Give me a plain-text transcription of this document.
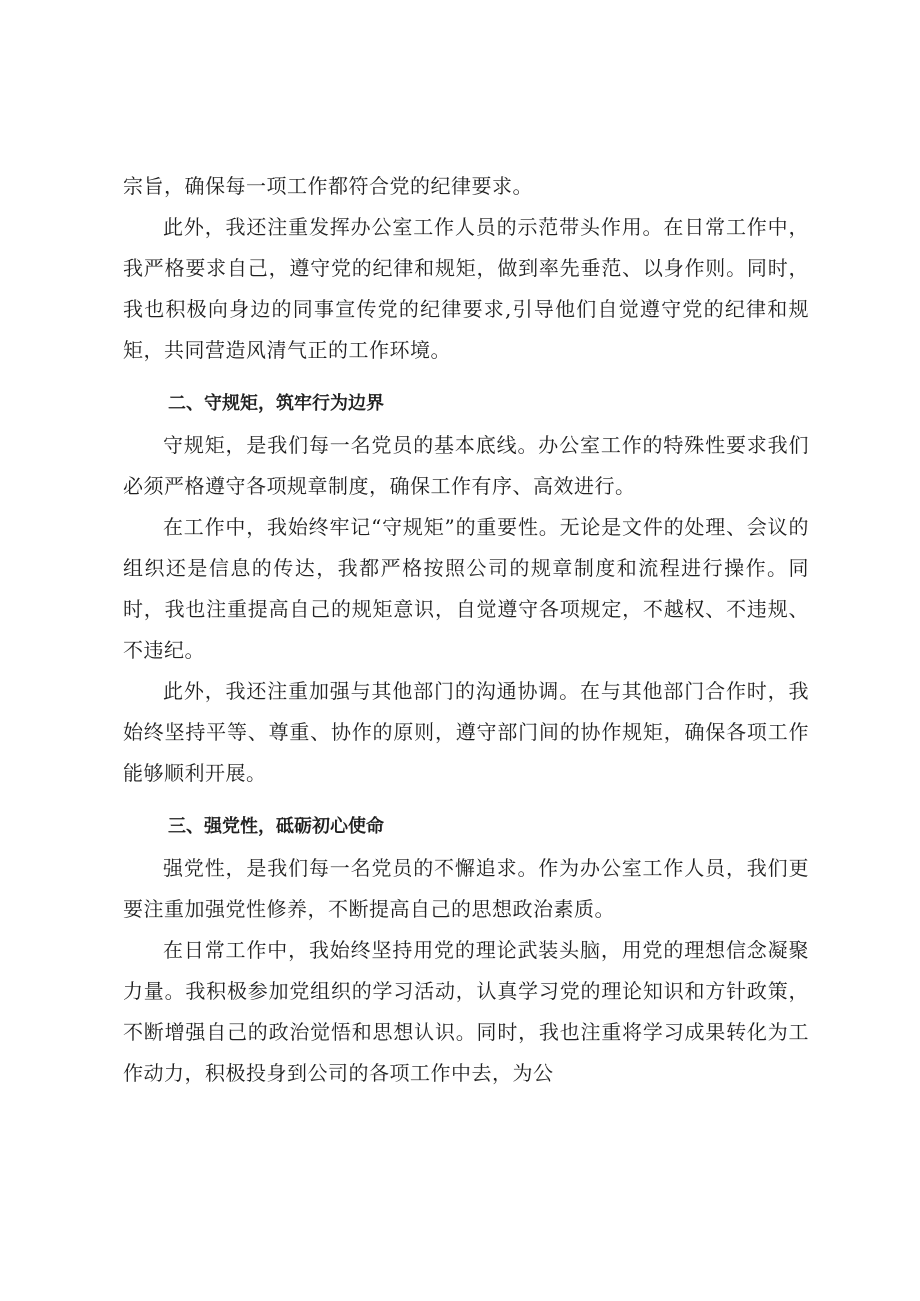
宗旨，确保每一项工作都符合党的纪律要求。

此外，我还注重发挥办公室工作人员的示范带头作用。在日常工作中，我严格要求自己，遵守党的纪律和规矩，做到率先垂范、以身作则。同时，我也积极向身边的同事宣传党的纪律要求,引导他们自觉遵守党的纪律和规矩，共同营造风清气正的工作环境。

二、守规矩，筑牢行为边界

守规矩，是我们每一名党员的基本底线。办公室工作的特殊性要求我们必须严格遵守各项规章制度，确保工作有序、高效进行。

在工作中，我始终牢记“守规矩”的重要性。无论是文件的处理、会议的组织还是信息的传达，我都严格按照公司的规章制度和流程进行操作。同时，我也注重提高自己的规矩意识，自觉遵守各项规定，不越权、不违规、不违纪。

此外，我还注重加强与其他部门的沟通协调。在与其他部门合作时，我始终坚持平等、尊重、协作的原则，遵守部门间的协作规矩，确保各项工作能够顺利开展。

三、强党性，砥砺初心使命

强党性，是我们每一名党员的不懈追求。作为办公室工作人员，我们更要注重加强党性修养，不断提高自己的思想政治素质。

在日常工作中，我始终坚持用党的理论武装头脑，用党的理想信念凝聚力量。我积极参加党组织的学习活动，认真学习党的理论知识和方针政策，不断增强自己的政治觉悟和思想认识。同时，我也注重将学习成果转化为工作动力，积极投身到公司的各项工作中去，为公
